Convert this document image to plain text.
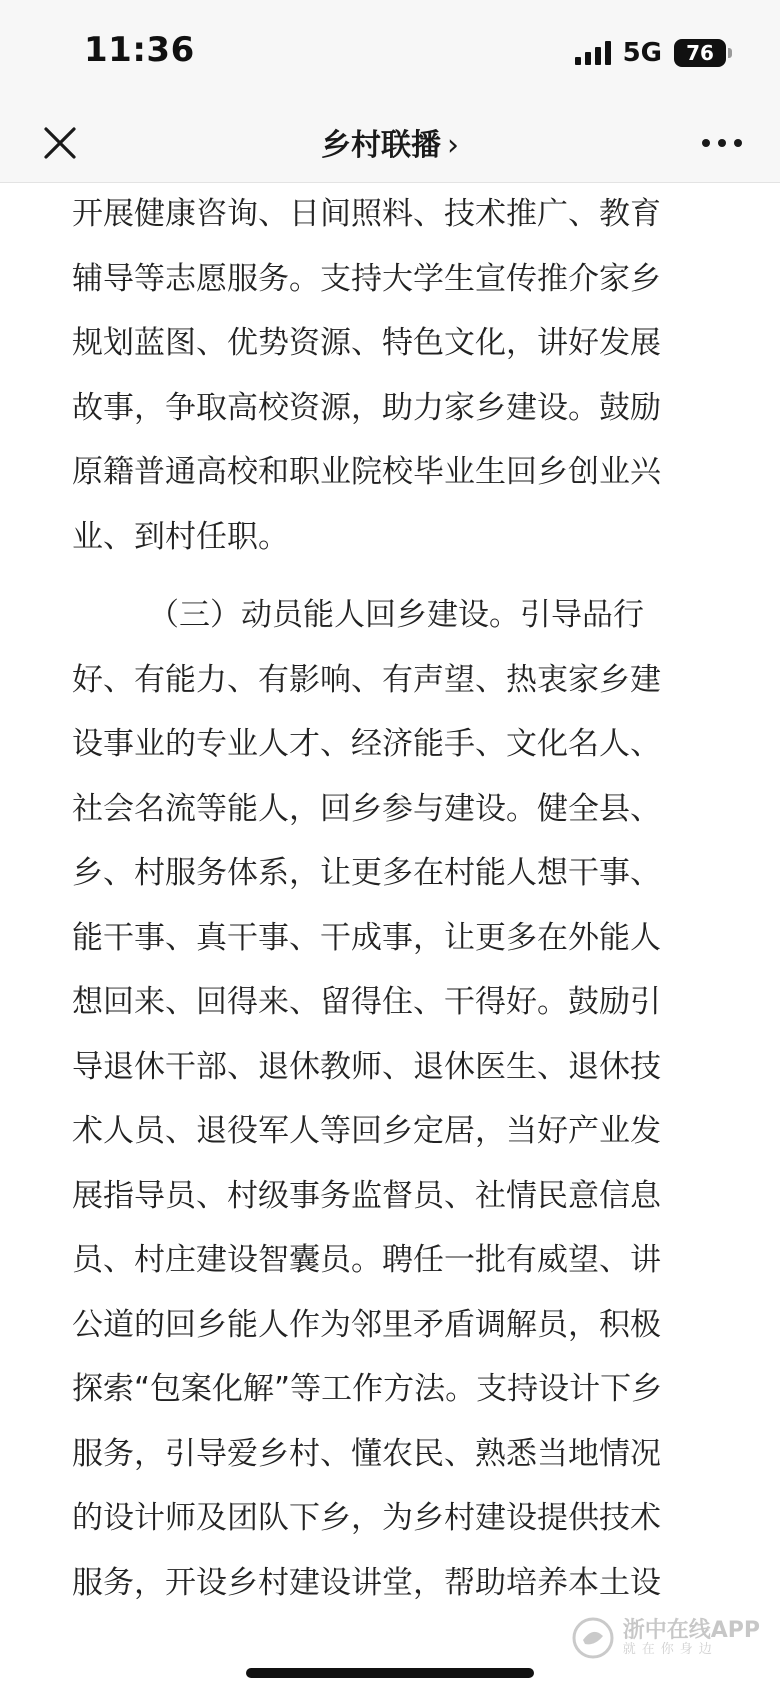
11:36	5G 76
乡村联播 ›

开展健康咨询、日间照料、技术推广、教育辅导等志愿服务。支持大学生宣传推介家乡规划蓝图、优势资源、特色文化，讲好发展故事，争取高校资源，助力家乡建设。鼓励原籍普通高校和职业院校毕业生回乡创业兴业、到村任职。

（三）动员能人回乡建设。引导品行好、有能力、有影响、有声望、热衷家乡建设事业的专业人才、经济能手、文化名人、社会名流等能人，回乡参与建设。健全县、乡、村服务体系，让更多在村能人想干事、能干事、真干事、干成事，让更多在外能人想回来、回得来、留得住、干得好。鼓励引导退休干部、退休教师、退休医生、退休技术人员、退役军人等回乡定居，当好产业发展指导员、村级事务监督员、社情民意信息员、村庄建设智囊员。聘任一批有威望、讲公道的回乡能人作为邻里矛盾调解员，积极探索“包案化解”等工作方法。支持设计下乡服务，引导爱乡村、懂农民、熟悉当地情况的设计师及团队下乡，为乡村建设提供技术服务，开设乡村建设讲堂，帮助培养本土设

浙中在线APP
就在你身边
